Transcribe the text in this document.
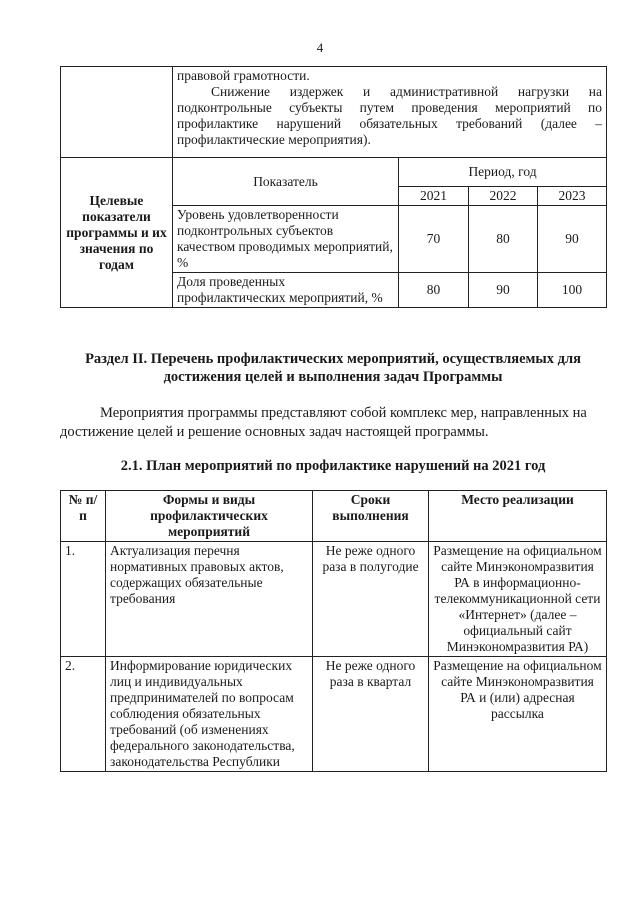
4

	правовой грамотности.
Снижение издержек и административной нагрузки на подконтрольные субъекты путем проведения мероприятий по профилактике нарушений обязательных требований (далее – профилактические мероприятия).			

Целевые показатели программы и их значения по годам	Показатель	Период, год		
		2021	2022	2023
	Уровень удовлетворенности подконтрольных субъектов качеством проводимых мероприятий, %	70	80	90
	Доля проведенных профилактических мероприятий, %	80	90	100
Раздел II. Перечень профилактических мероприятий, осуществляемых для достижения целей и выполнения задач Программы
Мероприятия программы представляют собой комплекс мер, направленных на достижение целей и решение основных задач настоящей программы.
2.1. План мероприятий по профилактике нарушений на 2021 год
№ п/п	Формы и виды профилактических мероприятий	Сроки выполнения	Место реализации
1.	Актуализация перечня нормативных правовых актов, содержащих обязательные требования	Не реже одного раза в полугодие	Размещение на официальном сайте Минэкономразвития РА в информационно-телекоммуникационной сети «Интернет» (далее – официальный сайт Минэкономразвития РА)
2.	Информирование юридических лиц и индивидуальных предпринимателей по вопросам соблюдения обязательных требований (об изменениях федерального законодательства, законодательства Республики	Не реже одного раза в квартал	Размещение на официальном сайте Минэкономразвития РА и (или) адресная рассылка
